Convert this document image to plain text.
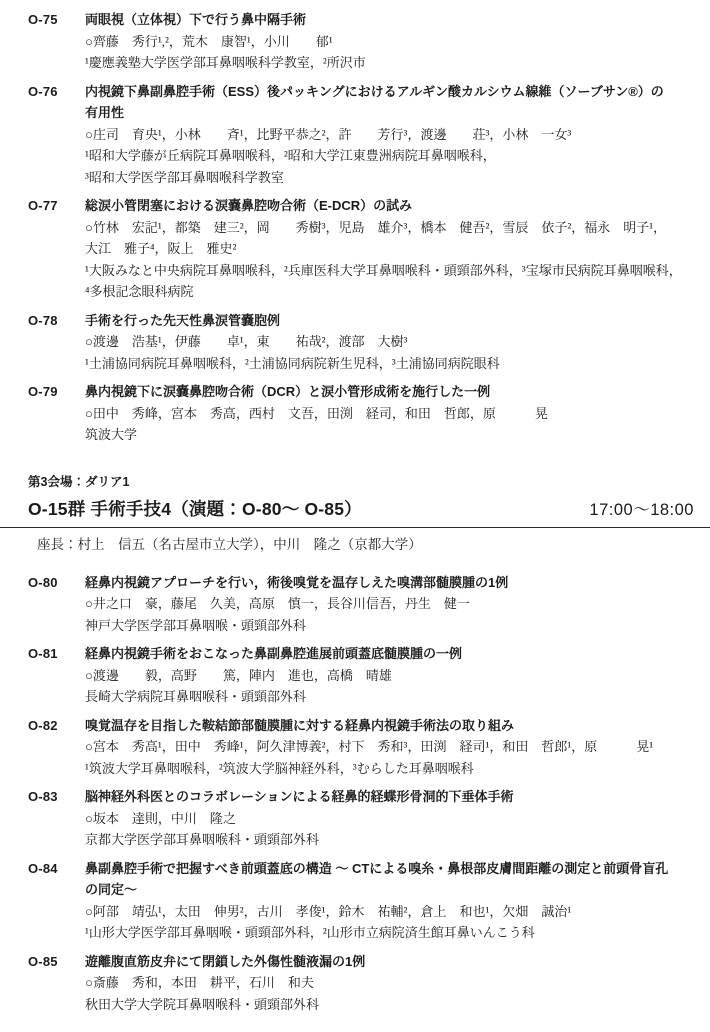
O-75	両眼視（立体視）下で行う鼻中隔手術
○齊藤　秀行¹,²，荒木　康智¹，小川　　郁¹
¹慶應義塾大学医学部耳鼻咽喉科学教室，²所沢市
O-76	内視鏡下鼻副鼻腔手術（ESS）後パッキングにおけるアルギン酸カルシウム線維（ソーブサン®）の
有用性
○庄司　育央¹，小林　　斉¹，比野平恭之²，許　　芳行³，渡邊　　荘³，小林　一女³
¹昭和大学藤が丘病院耳鼻咽喉科，²昭和大学江東豊洲病院耳鼻咽喉科，
³昭和大学医学部耳鼻咽喉科学教室
O-77	総涙小管閉塞における涙嚢鼻腔吻合術（E-DCR）の試み
○竹林　宏記¹，都築　建三²，岡　　秀樹³，児島　雄介³，橋本　健吾²，雪辰　依子²，福永　明子¹，
大江　雅子⁴，阪上　雅史²
¹大阪みなと中央病院耳鼻咽喉科，²兵庫医科大学耳鼻咽喉科・頭頸部外科，³宝塚市民病院耳鼻咽喉科，
⁴多根記念眼科病院
O-78	手術を行った先天性鼻涙管嚢胞例
○渡邊　浩基¹，伊藤　　卓¹，東　　祐哉²，渡部　大樹³
¹土浦協同病院耳鼻咽喉科，²土浦協同病院新生児科，³土浦協同病院眼科
O-79	鼻内視鏡下に涙嚢鼻腔吻合術（DCR）と涙小管形成術を施行した一例
○田中　秀峰，宮本　秀高，西村　文吾，田渕　経司，和田　哲郎，原　　　晃
筑波大学
第3会場：ダリア1
O-15群 手術手技4（演題：O-80～ O-85）	17:00～18:00
座長：村上　信五（名古屋市立大学），中川　隆之（京都大学）
O-80	経鼻内視鏡アプローチを行い，術後嗅覚を温存しえた嗅溝部髄膜腫の1例
○井之口　豪，藤尾　久美，高原　慎一，長谷川信吾，丹生　健一
神戸大学医学部耳鼻咽喉・頭頸部外科
O-81	経鼻内視鏡手術をおこなった鼻副鼻腔進展前頭蓋底髄膜腫の一例
○渡邊　　毅，高野　　篤，陣内　進也，高橋　晴雄
長崎大学病院耳鼻咽喉科・頭頸部外科
O-82	嗅覚温存を目指した鞍結節部髄膜腫に対する経鼻内視鏡手術法の取り組み
○宮本　秀高¹，田中　秀峰¹，阿久津博義²，村下　秀和³，田渕　経司¹，和田　哲郎¹，原　　　晃¹
¹筑波大学耳鼻咽喉科，²筑波大学脳神経外科，³むらした耳鼻咽喉科
O-83	脳神経外科医とのコラボレーションによる経鼻的経蝶形骨洞的下垂体手術
○坂本　達則，中川　隆之
京都大学医学部耳鼻咽喉科・頭頸部外科
O-84	鼻副鼻腔手術で把握すべき前頭蓋底の構造 ～ CTによる嗅糸・鼻根部皮膚間距離の測定と前頭骨盲孔
の同定～
○阿部　靖弘¹，太田　伸男²，古川　孝俊¹，鈴木　祐輔²，倉上　和也¹，欠畑　誠治¹
¹山形大学医学部耳鼻咽喉・頭頸部外科，²山形市立病院済生館耳鼻いんこう科
O-85	遊離腹直筋皮弁にて閉鎖した外傷性髄液漏の1例
○斎藤　秀和，本田　耕平，石川　和夫
秋田大学大学院耳鼻咽喉科・頭頸部外科
